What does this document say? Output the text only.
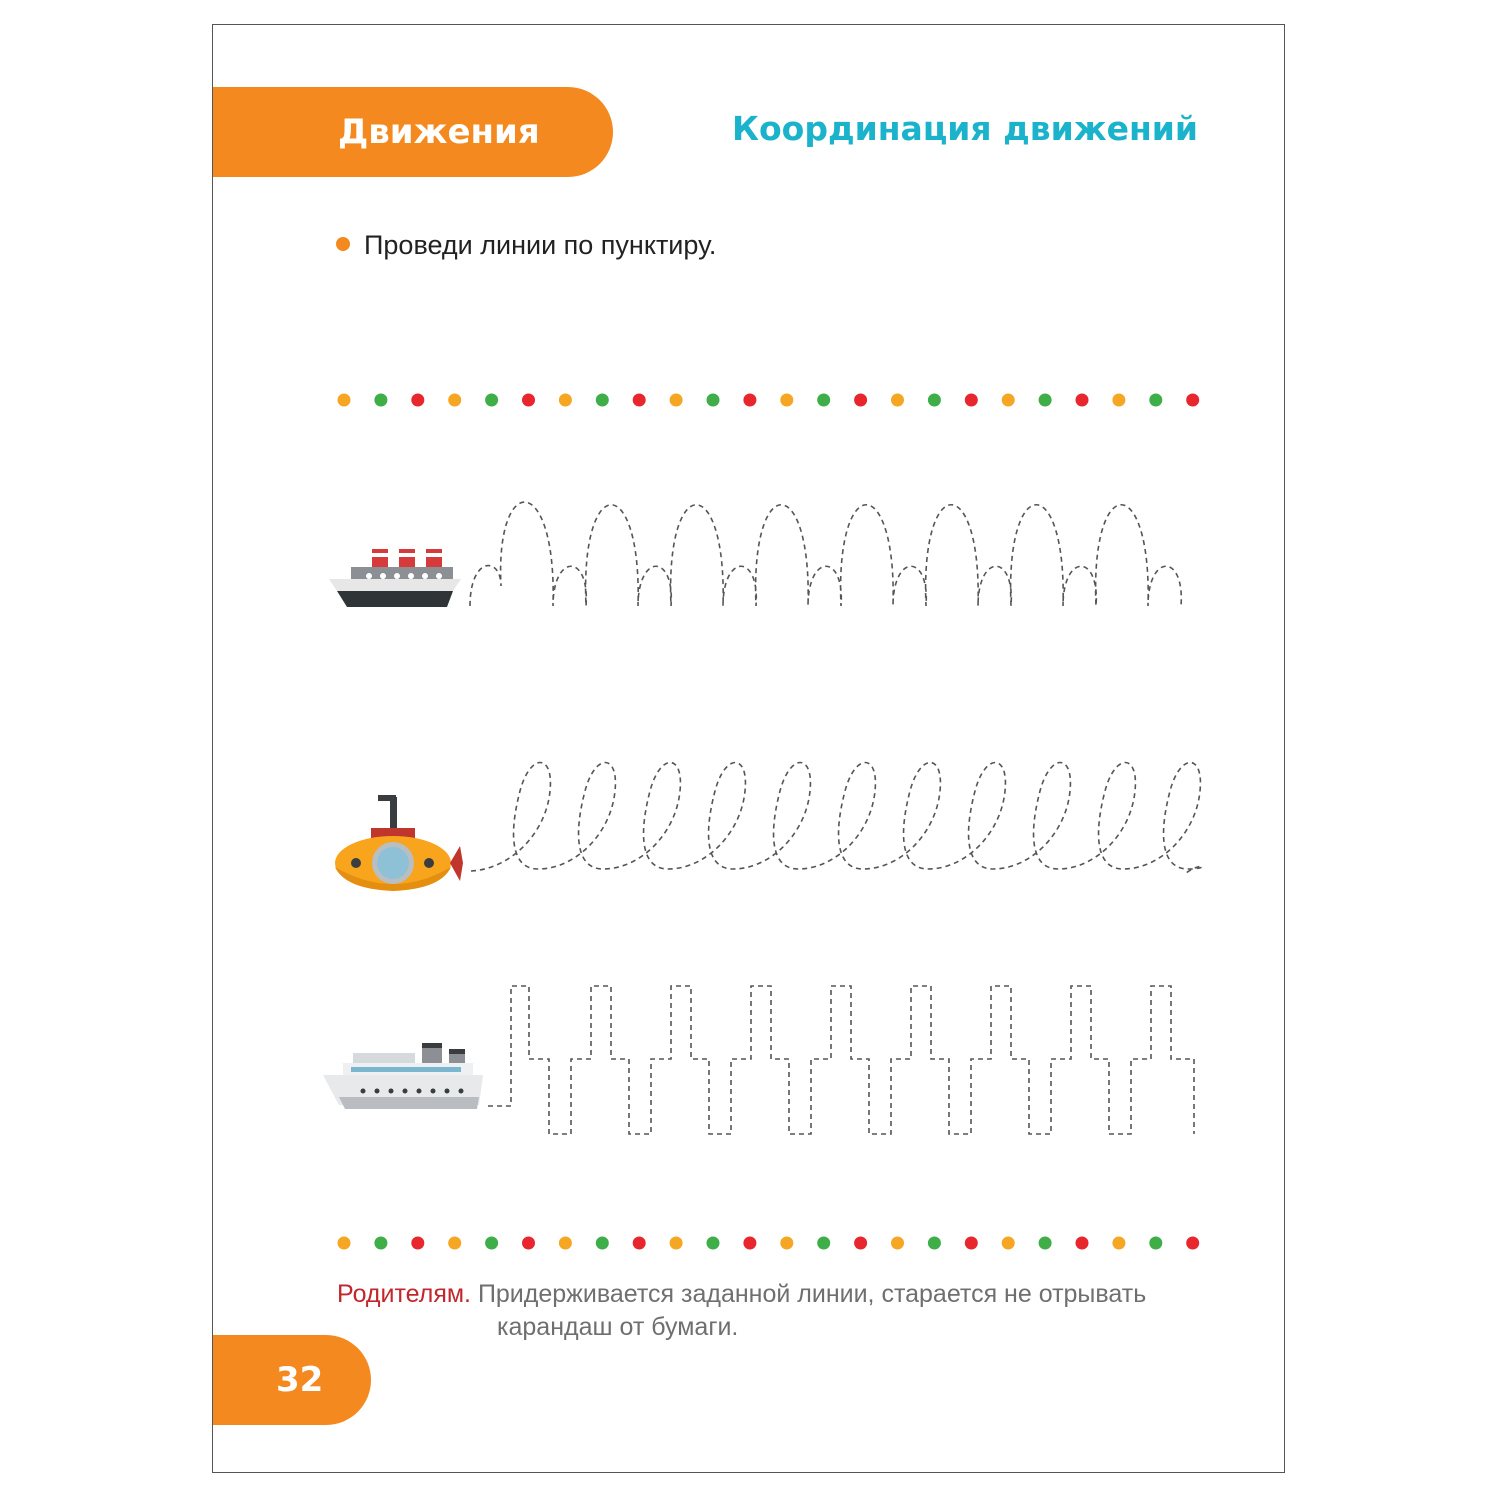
Движения	Координация движений
Проведи линии по пунктиру.
Родителям. Придерживается заданной линии, старается не отрывать
карандаш от бумаги.
32
